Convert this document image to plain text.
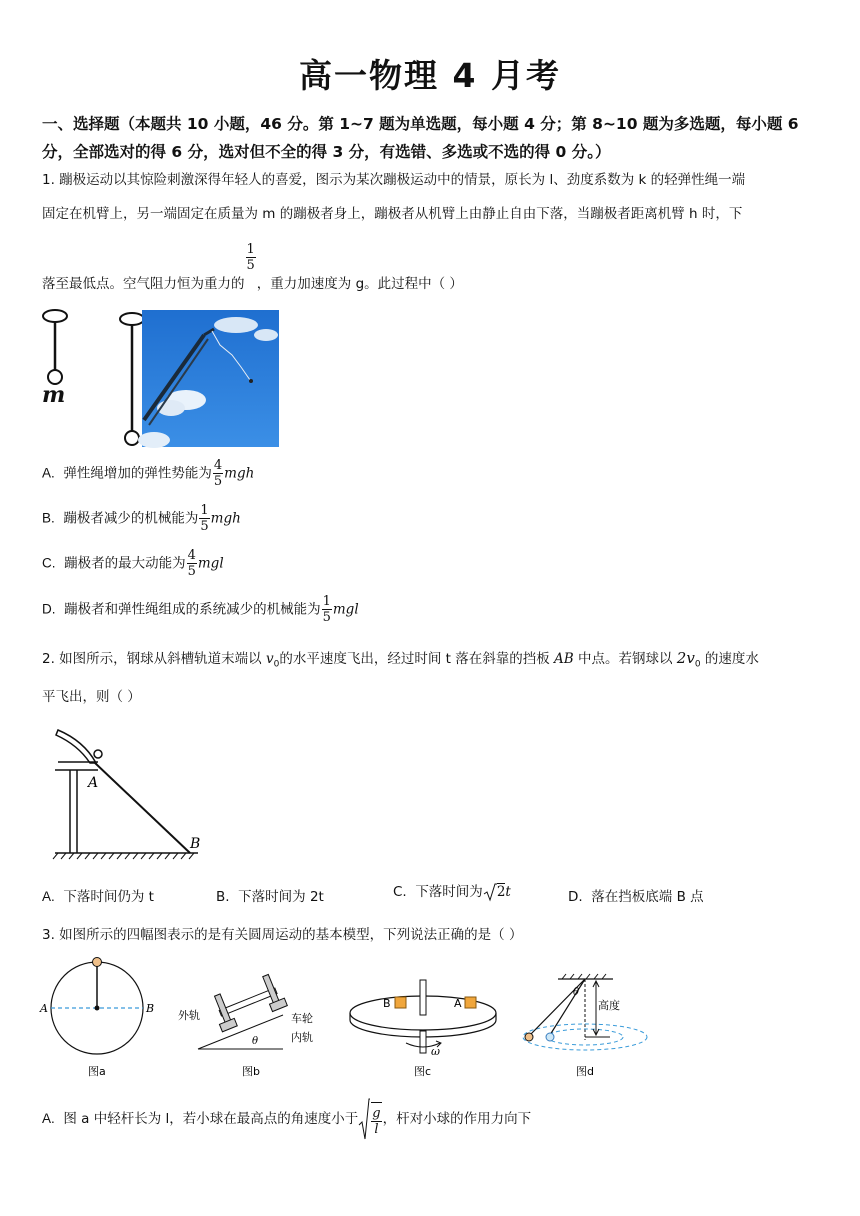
高一物理 4 月考
一、选择题（本题共 10 小题，46 分。第 1~7 题为单选题，每小题 4 分；第 8~10 题为多选题，每小题 6
分，全部选对的得 6 分，选对但不全的得 3 分，有选错、多选或不选的得 0 分。）
1. 蹦极运动以其惊险刺激深得年轻人的喜爱，图示为某次蹦极运动中的情景，原长为 l、劲度系数为 k 的轻弹性绳一端
固定在机臂上，另一端固定在质量为 m 的蹦极者身上，蹦极者从机臂上由静止自由下落，当蹦极者距离机臂 h 时，下
落至最低点。空气阻力恒为重力的
$\frac{1}{5}$
，重力加速度为 g。此过程中（ ）
m
A. 弹性绳增加的弹性势能为 $\frac{4}{5}$ mgh
B. 蹦极者减少的机械能为 $\frac{1}{5}$ mgh
C. 蹦极者的最大动能为 $\frac{4}{5}$ mgl
D. 蹦极者和弹性绳组成的系统减少的机械能为 $\frac{1}{5}$ mgl
2. 如图所示，钢球从斜槽轨道末端以 $v_0$的水平速度飞出，经过时间 t 落在斜靠的挡板 AB 中点。若钢球以 $2v_0$ 的速度水
平飞出，则（ ）
A
B
A. 下落时间仍为 t	B. 下落时间为 2t	C. 下落时间为 2t	D. 落在挡板底端 B 点
3. 如图所示的四幅图表示的是有关圆周运动的基本模型，下列说法正确的是（ ）
A	B
图a
θ
外轨	车轮
内轨
图b
B	A
ω
图c
θ
高度
图d
A. 图 a 中轻杆长为 l，若小球在最高点的角速度小于 $\frac{g}{l}$ ，杆对小球的作用力向下
